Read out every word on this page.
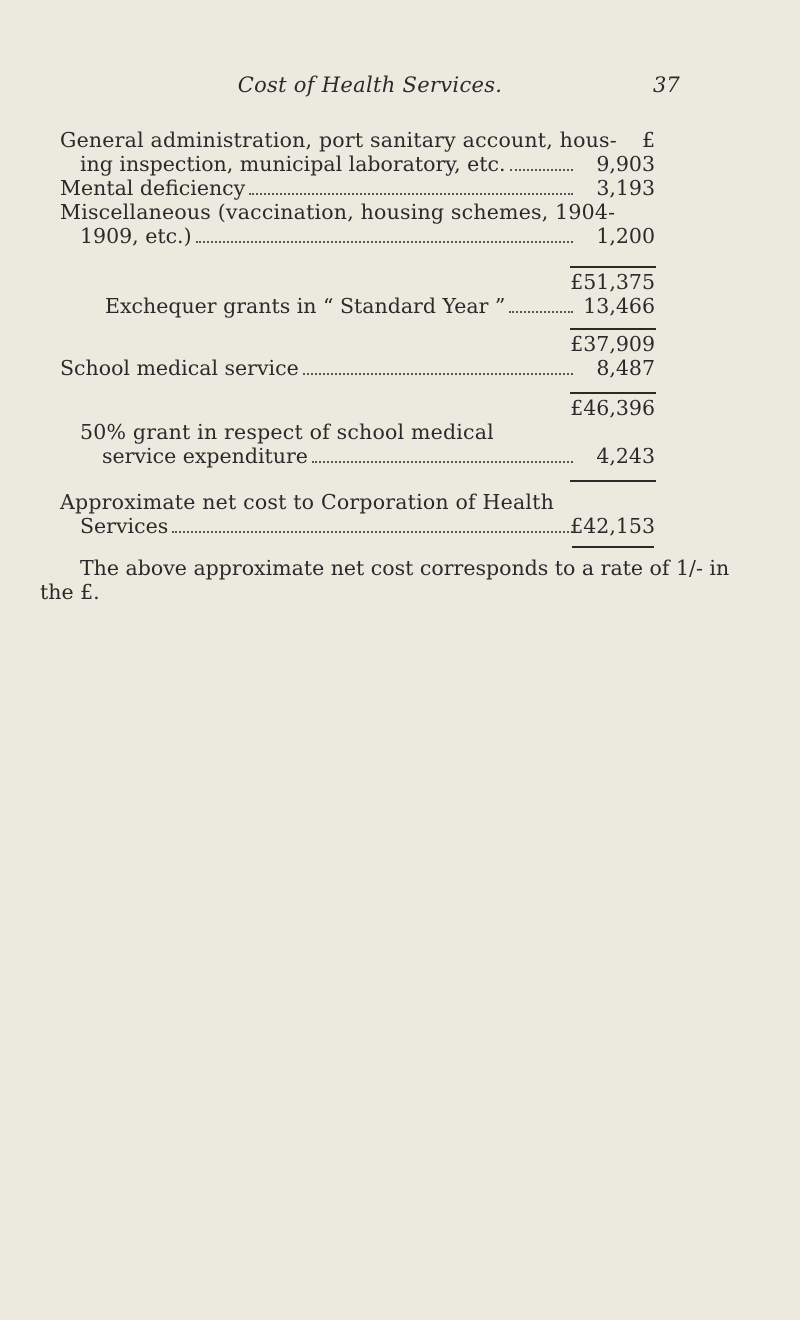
Cost of Health Services.	37
£
General administration, port sanitary account, hous-
ing inspection, municipal laboratory, etc.	9,903
Mental deficiency	3,193
Miscellaneous (vaccination, housing schemes, 1904-
1909, etc.)	1,200
£51,375
Exchequer grants in “ Standard Year ”	13,466
£37,909
School medical service	8,487
£46,396
50% grant in respect of school medical
service expenditure	4,243
Approximate net cost to Corporation of Health
Services	£42,153
The above approximate net cost corresponds to a rate of 1/- in
the £.
